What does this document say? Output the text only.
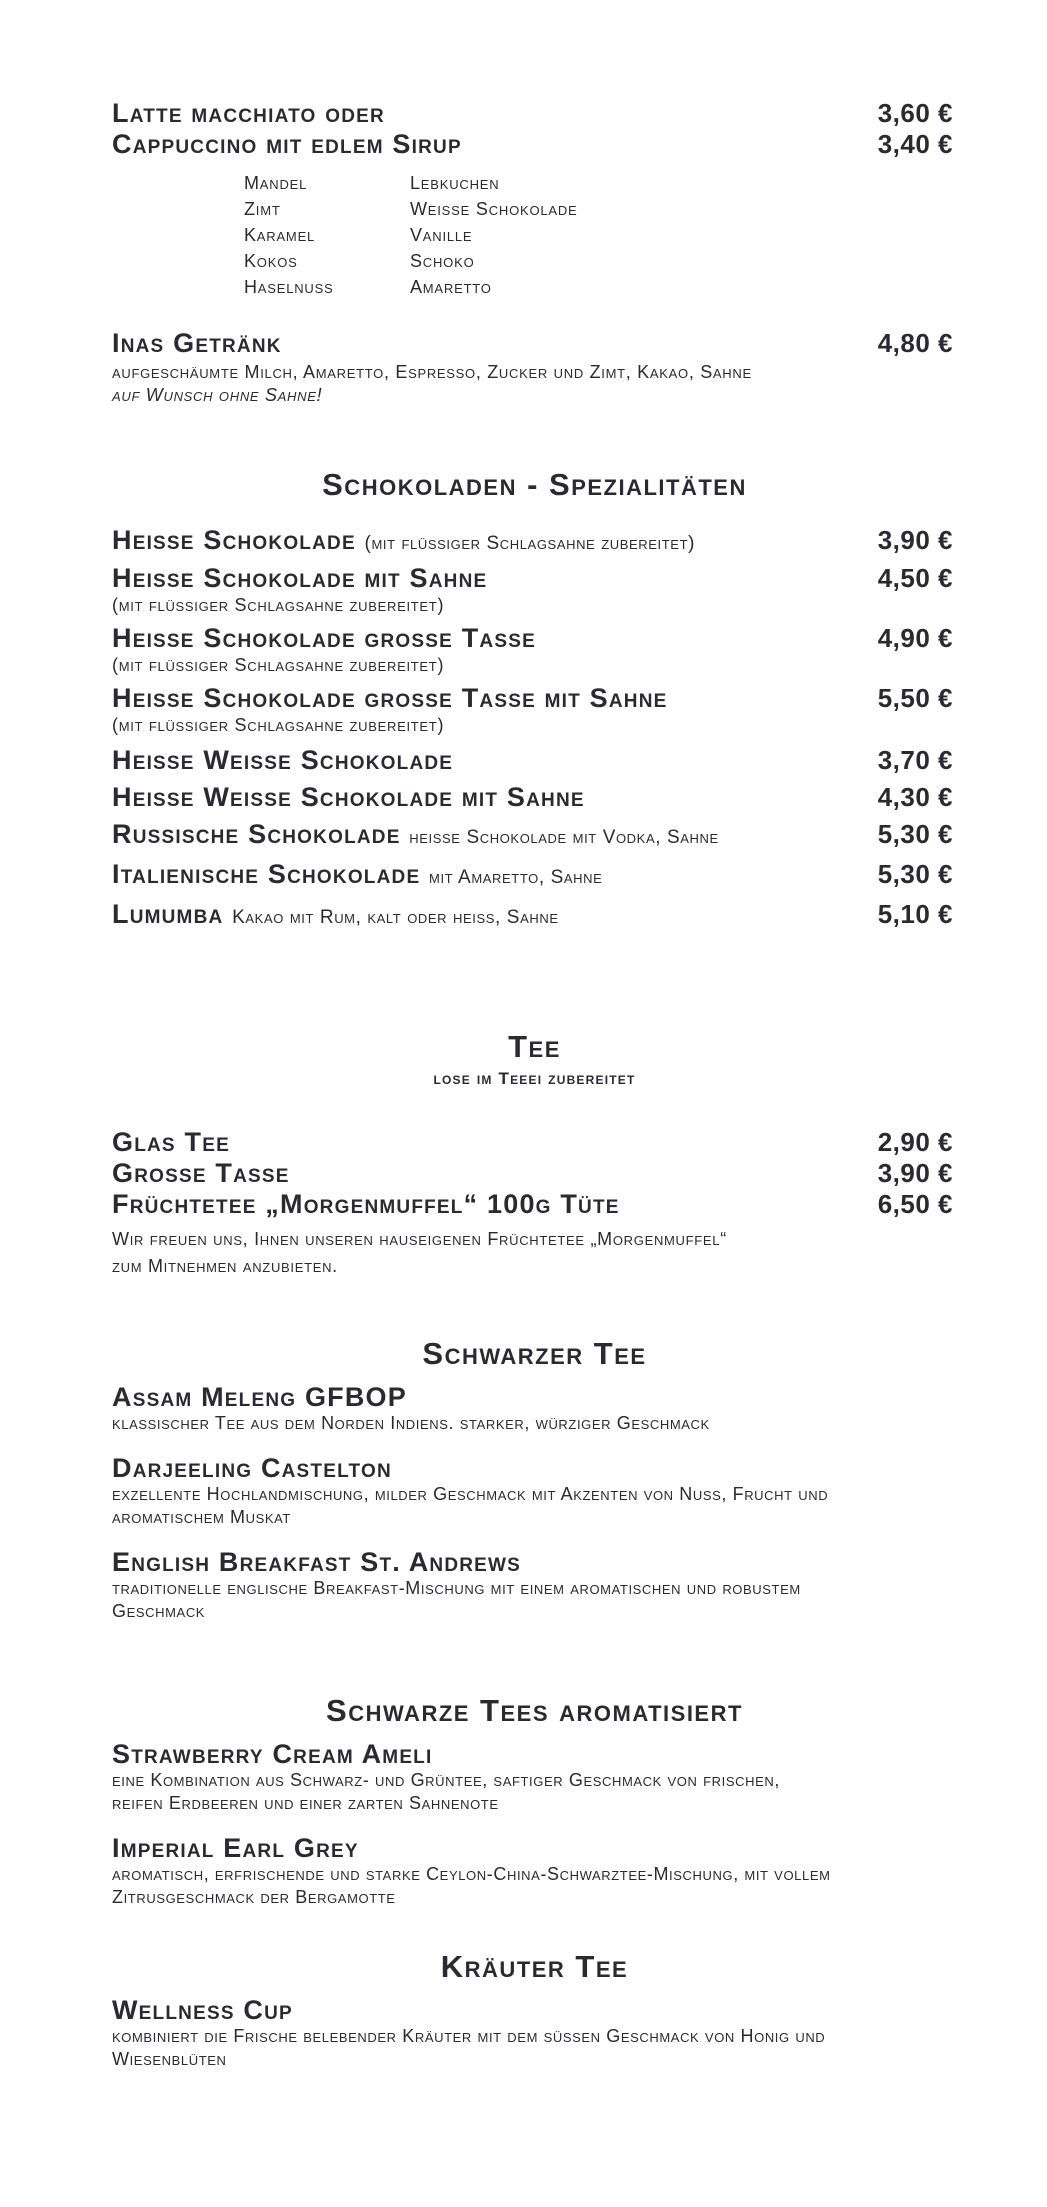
Latte macchiato oder	3,60 €
Cappuccino mit edlem Sirup	3,40 €
Mandel	Lebkuchen
Zimt	Weisse Schokolade
Karamel	Vanille
Kokos	Schoko
Haselnuss	Amaretto
Inas Getränk	4,80 €
aufgeschäumte Milch, Amaretto, Espresso, Zucker und Zimt, Kakao, Sahne
auf Wunsch ohne Sahne!
Schokoladen - Spezialitäten
Heisse Schokolade (mit flüssiger Schlagsahne zubereitet)	3,90 €
Heisse Schokolade mit Sahne	4,50 €
(mit flüssiger Schlagsahne zubereitet)
Heisse Schokolade grosse Tasse	4,90 €
(mit flüssiger Schlagsahne zubereitet)
Heisse Schokolade grosse Tasse mit Sahne	5,50 €
(mit flüssiger Schlagsahne zubereitet)
Heisse Weisse Schokolade	3,70 €
Heisse Weisse Schokolade mit Sahne	4,30 €
Russische Schokolade heisse Schokolade mit Vodka, Sahne	5,30 €
Italienische Schokolade mit Amaretto, Sahne	5,30 €
Lumumba Kakao mit Rum, kalt oder heiss, Sahne	5,10 €
Tee
lose im Teeei zubereitet
Glas Tee	2,90 €
Grosse Tasse	3,90 €
Früchtetee „Morgenmuffel“ 100g Tüte	6,50 €
Wir freuen uns, Ihnen unseren hauseigenen Früchtetee „Morgenmuffel“
zum Mitnehmen anzubieten.
Schwarzer Tee
Assam Meleng GFBOP
klassischer Tee aus dem Norden Indiens. starker, würziger Geschmack
Darjeeling Castelton
exzellente Hochlandmischung, milder Geschmack mit Akzenten von Nuss, Frucht und aromatischem Muskat
English Breakfast St. Andrews
traditionelle englische Breakfast-Mischung mit einem aromatischen und robustem Geschmack
Schwarze Tees aromatisiert
Strawberry Cream Ameli
eine Kombination aus Schwarz- und Grüntee, saftiger Geschmack von frischen, reifen Erdbeeren und einer zarten Sahnenote
Imperial Earl Grey
aromatisch, erfrischende und starke Ceylon-China-Schwarztee-Mischung, mit vollem Zitrusgeschmack der Bergamotte
Kräuter Tee
Wellness Cup
kombiniert die Frische belebender Kräuter mit dem süssen Geschmack von Honig und Wiesenblüten
